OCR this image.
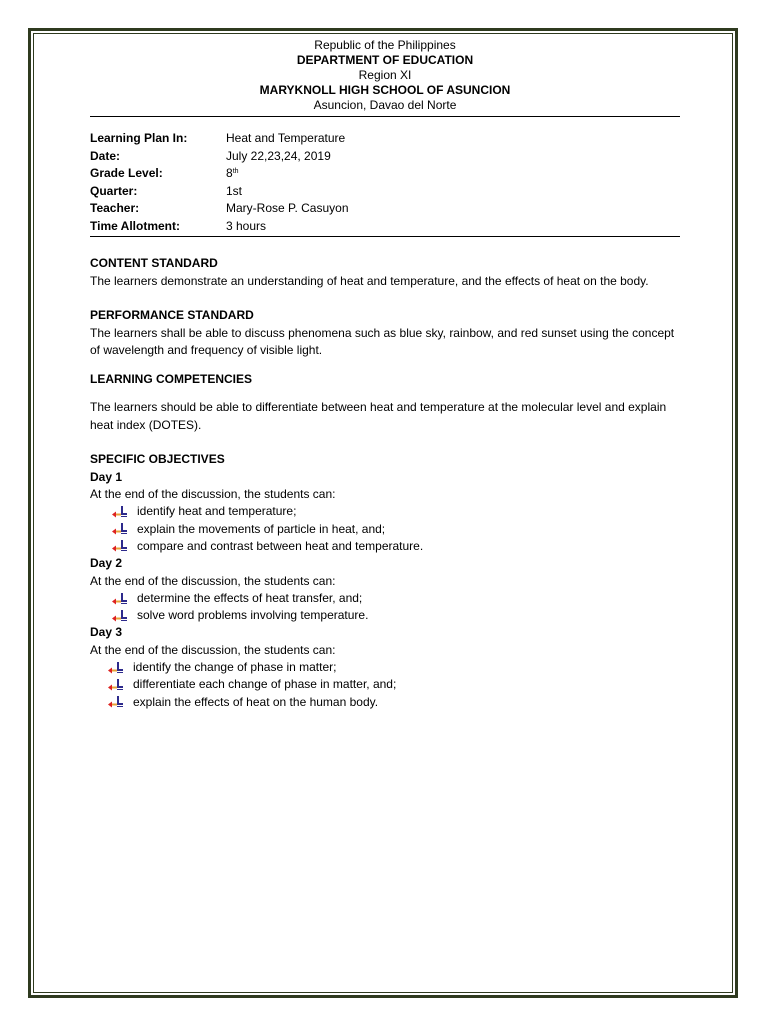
Republic of the Philippines
DEPARTMENT OF EDUCATION
Region XI
MARYKNOLL HIGH SCHOOL OF ASUNCION
Asuncion, Davao del Norte
Learning Plan In:	Heat and Temperature
Date:	July 22,23,24, 2019
Grade Level:	8th
Quarter:	1st
Teacher:	Mary-Rose P. Casuyon
Time Allotment:	3 hours
CONTENT STANDARD

The learners demonstrate an understanding of heat and temperature, and the effects of heat on the body.

PERFORMANCE STANDARD

The learners shall be able to discuss phenomena such as blue sky, rainbow, and red sunset using the concept of wavelength and frequency of visible light.

LEARNING COMPETENCIES

The learners should be able to differentiate between heat and temperature at the molecular level and explain heat index (DOTES).

SPECIFIC OBJECTIVES
Day 1
At the end of the discussion, the students can:
identify heat and temperature;
explain the movements of particle in heat, and;
compare and contrast between heat and temperature.
Day 2
At the end of the discussion, the students can:
determine the effects of heat transfer, and;
solve word problems involving temperature.
Day 3
At the end of the discussion, the students can:
identify the change of phase in matter;
differentiate each change of phase in matter, and;
explain the effects of heat on the human body.
